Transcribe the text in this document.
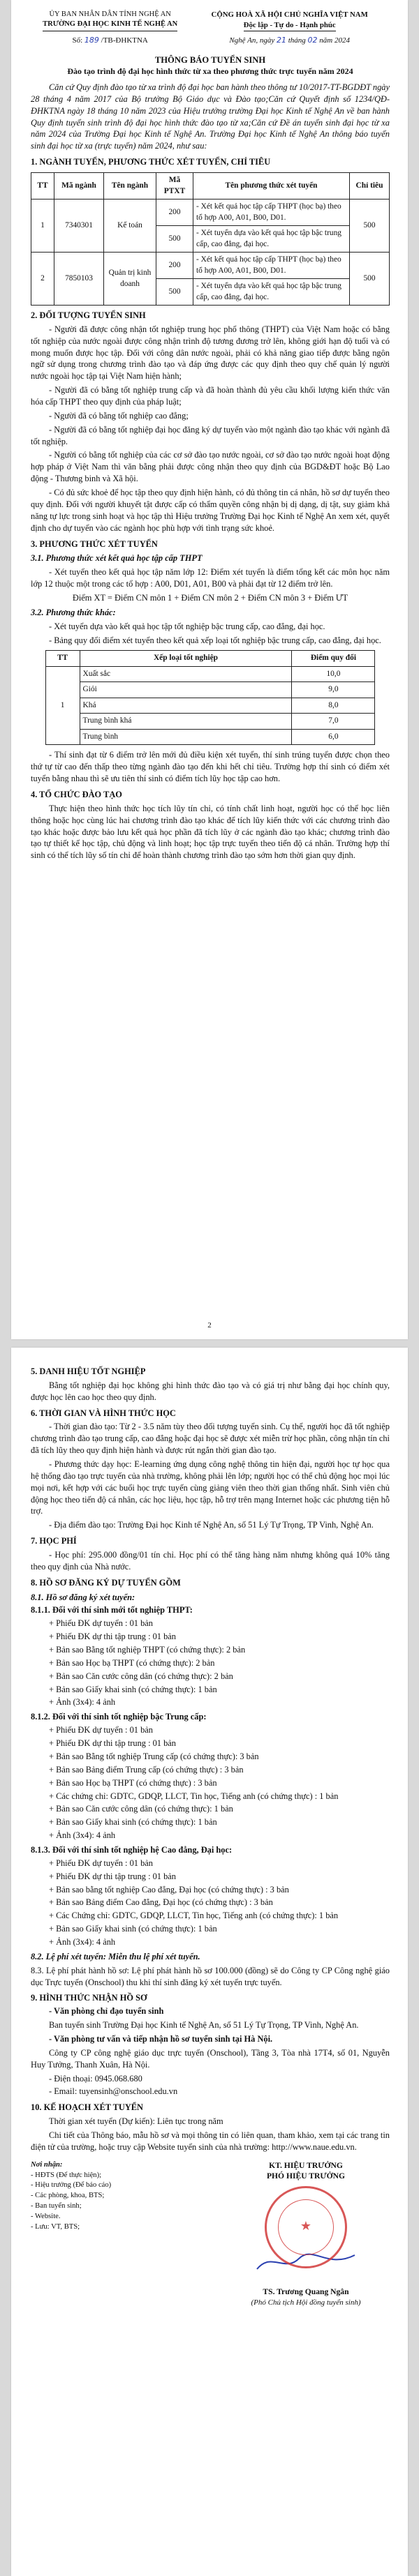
ỦY BAN NHÂN DÂN TỈNH NGHỆ AN
TRƯỜNG ĐẠI HỌC KINH TẾ NGHỆ AN
CỘNG HOÀ XÃ HỘI CHỦ NGHĨA VIỆT NAM
Độc lập - Tự do - Hạnh phúc
Số: 189 /TB-ĐHKTNA	Nghệ An, ngày 21 tháng 02 năm 2024
THÔNG BÁO TUYỂN SINH
Đào tạo trình độ đại học hình thức từ xa theo phương thức trực tuyến năm 2024

Căn cứ Quy định đào tạo từ xa trình độ đại học ban hành theo thông tư 10/2017-TT-BGDĐT ngày 28 tháng 4 năm 2017 của Bộ trưởng Bộ Giáo dục và Đào tạo;Căn cứ Quyết định số 1234/QĐ-ĐHKTNA ngày 18 tháng 10 năm 2023 của Hiệu trưởng trường Đại học Kinh tế Nghệ An về ban hành Quy định tuyển sinh trình độ đại học hình thức đào tạo từ xa;Căn cứ Đề án tuyển sinh đại học từ xa năm 2024 của Trường Đại học Kinh tế Nghệ An. Trường Đại học Kinh tế Nghệ An thông báo tuyển sinh đại học từ xa (trực tuyến) năm 2024, như sau:

1. NGÀNH TUYỂN, PHƯƠNG THỨC XÉT TUYỂN, CHỈ TIÊU
TT	Mã ngành	Tên ngành	Mã PTXT	Tên phương thức xét tuyển	Chỉ tiêu
1	7340301	Kế toán	200	- Xét kết quả học tập cấp THPT (học bạ) theo tổ hợp A00, A01, B00, D01.	500
			500	- Xét tuyển dựa vào kết quả học tập bậc trung cấp, cao đẳng, đại học.	
2	7850103	Quản trị kinh doanh	200	- Xét kết quả học tập cấp THPT (học bạ) theo tổ hợp A00, A01, B00, D01.	500
			500	- Xét tuyển dựa vào kết quả học tập bậc trung cấp, cao đẳng, đại học.	
2. ĐỐI TƯỢNG TUYỂN SINH

- Người đã được công nhận tốt nghiệp trung học phổ thông (THPT) của Việt Nam hoặc có bằng tốt nghiệp của nước ngoài được công nhận trình độ tương đương trở lên, không giới hạn độ tuổi và có mong muốn được học tập. Đối với công dân nước ngoài, phải có khả năng giao tiếp được bằng ngôn ngữ sử dụng trong chương trình đào tạo và đáp ứng được các quy định theo quy chế quản lý người nước ngoài học tập tại Việt Nam hiện hành;

- Người đã có bằng tốt nghiệp trung cấp và đã hoàn thành đủ yêu cầu khối lượng kiến thức văn hóa cấp THPT theo quy định của pháp luật;

- Người đã có bằng tốt nghiệp cao đẳng;

- Người đã có bằng tốt nghiệp đại học đăng ký dự tuyển vào một ngành đào tạo khác với ngành đã tốt nghiệp.

- Người có bằng tốt nghiệp của các cơ sở đào tạo nước ngoài, cơ sở đào tạo nước ngoài hoạt động hợp pháp ở Việt Nam thì văn bằng phải được công nhận theo quy định của BGD&ĐT hoặc Bộ Lao động - Thương binh và Xã hội.

- Có đủ sức khoẻ để học tập theo quy định hiện hành, có đủ thông tin cá nhân, hồ sơ dự tuyển theo quy định. Đối với người khuyết tật được cấp có thẩm quyền công nhận bị dị dạng, dị tật, suy giảm khả năng tự lực trong sinh hoạt và học tập thì Hiệu trưởng Trường Đại học Kinh tế Nghệ An xem xét, quyết định cho dự tuyển vào các ngành học phù hợp với tình trạng sức khoẻ.

3. PHƯƠNG THỨC XÉT TUYỂN
3.1. Phương thức xét kết quả học tập cấp THPT

- Xét tuyển theo kết quả học tập năm lớp 12: Điểm xét tuyển là điểm tổng kết các môn học năm lớp 12 thuộc một trong các tổ hợp : A00, D01, A01, B00 và phải đạt từ 12 điểm trở lên.

Điểm XT = Điểm CN môn 1 + Điểm CN môn 2 + Điểm CN môn 3 + Điểm ƯT

3.2. Phương thức khác:

- Xét tuyển dựa vào kết quả học tập tốt nghiệp bậc trung cấp, cao đẳng, đại học.

- Bảng quy đổi điểm xét tuyển theo kết quả xếp loại tốt nghiệp bậc trung cấp, cao đẳng, đại học.

TT	Xếp loại tốt nghiệp	Điểm quy đổi
1	Xuất sắc	10,0
	Giỏi	9,0
	Khá	8,0
	Trung bình khá	7,0
	Trung bình	6,0

- Thí sinh đạt từ 6 điểm trở lên mới đủ điều kiện xét tuyển, thí sinh trúng tuyển được chọn theo thứ tự từ cao đến thấp theo từng ngành đào tạo đến khi hết chỉ tiêu. Trường hợp thí sinh có điểm xét tuyển bằng nhau thì sẽ ưu tiên thí sinh có điểm tích lũy học tập cao hơn.

4. TỔ CHỨC ĐÀO TẠO

Thực hiện theo hình thức học tích lũy tín chỉ, có tính chất linh hoạt, người học có thể học liên thông hoặc học cùng lúc hai chương trình đào tạo khác để tích lũy kiến thức với các chương trình đào tạo khác hoặc được bảo lưu kết quả học phần đã tích lũy ở các ngành đào tạo khác; chương trình đào tạo tự thiết kế học tập, chủ động và linh hoạt; học tập trực tuyến theo tiến độ cá nhân. Trường hợp thí sinh có thể tích lũy số tín chỉ để hoàn thành chương trình đào tạo sớm hơn thời gian quy định.

2
5. DANH HIỆU TỐT NGHIỆP

Bằng tốt nghiệp đại học không ghi hình thức đào tạo và có giá trị như bằng đại học chính quy, được học lên cao học theo quy định.

6. THỜI GIAN VÀ HÌNH THỨC HỌC

- Thời gian đào tạo: Từ 2 - 3.5 năm tùy theo đối tượng tuyển sinh. Cụ thể, người học đã tốt nghiệp chương trình đào tạo trung cấp, cao đẳng hoặc đại học sẽ được xét miễn trừ học phần, công nhận tín chỉ đã tích lũy theo quy định hiện hành và được rút ngắn thời gian đào tạo.

- Phương thức dạy học: E-learning ứng dụng công nghệ thông tin hiện đại, người học tự học qua hệ thống đào tạo trực tuyến của nhà trường, không phải lên lớp; người học có thể chủ động học mọi lúc mọi nơi, kết hợp với các buổi học trực tuyến cùng giảng viên theo thời gian thống nhất. Sinh viên chủ động học theo tiến độ cá nhân, các học liệu, học tập, hỗ trợ trên mạng Internet hoặc các phương tiện hỗ trợ.

- Địa điểm đào tạo: Trường Đại học Kinh tế Nghệ An, số 51 Lý Tự Trọng, TP Vinh, Nghệ An.

7. HỌC PHÍ

- Học phí: 295.000 đồng/01 tín chỉ. Học phí có thể tăng hàng năm nhưng không quá 10% tăng theo quy định của Nhà nước.

8. HỒ SƠ ĐĂNG KÝ DỰ TUYỂN GỒM
8.1. Hồ sơ đăng ký xét tuyển:
8.1.1. Đối với thí sinh mới tốt nghiệp THPT:
+ Phiếu ĐK dự tuyển : 01 bản
+ Phiếu ĐK dự thi tập trung : 01 bản
+ Bản sao Bằng tốt nghiệp THPT (có chứng thực): 2 bản
+ Bản sao Học bạ THPT (có chứng thực): 2 bản
+ Bản sao Căn cước công dân (có chứng thực): 2 bản
+ Bản sao Giấy khai sinh (có chứng thực): 1 bản
+ Ảnh (3x4): 4 ảnh
8.1.2. Đối với thí sinh tốt nghiệp bậc Trung cấp:
+ Phiếu ĐK dự tuyển : 01 bản
+ Phiếu ĐK dự thi tập trung : 01 bản
+ Bản sao Bằng tốt nghiệp Trung cấp (có chứng thực): 3 bản
+ Bản sao Bảng điểm Trung cấp (có chứng thực) : 3 bản
+ Bản sao Học bạ THPT (có chứng thực) : 3 bản
+ Các chứng chỉ: GDTC, GDQP, LLCT, Tin học, Tiếng anh (có chứng thực) : 1 bản
+ Bản sao Căn cước công dân (có chứng thực): 1 bản
+ Bản sao Giấy khai sinh (có chứng thực): 1 bản
+ Ảnh (3x4): 4 ảnh
8.1.3. Đối với thí sinh tốt nghiệp hệ Cao đẳng, Đại học:
+ Phiếu ĐK dự tuyển : 01 bản
+ Phiếu ĐK dự thi tập trung : 01 bản
+ Bản sao bằng tốt nghiệp Cao đẳng, Đại học (có chứng thực) : 3 bản
+ Bản sao Bảng điểm Cao đẳng, Đại học (có chứng thực) : 3 bản
+ Các Chứng chỉ: GDTC, GDQP, LLCT, Tin học, Tiếng anh (có chứng thực): 1 bản
+ Bản sao Giấy khai sinh (có chứng thực): 1 bản
+ Ảnh (3x4): 4 ảnh

8.2. Lệ phí xét tuyển: Miễn thu lệ phí xét tuyển.

8.3. Lệ phí phát hành hồ sơ: Lệ phí phát hành hồ sơ 100.000 (đồng) sẽ do Công ty CP Công nghệ giáo dục Trực tuyến (Onschool) thu khi thí sinh đăng ký xét tuyển trực tuyến.

9. HÌNH THỨC NHẬN HỒ SƠ
- Văn phòng chỉ đạo tuyển sinh

Ban tuyển sinh Trường Đại học Kinh tế Nghệ An, số 51 Lý Tự Trọng, TP Vinh, Nghệ An.

- Văn phòng tư vấn và tiếp nhận hồ sơ tuyển sinh tại Hà Nội.

Công ty CP công nghệ giáo dục trực tuyến (Onschool), Tầng 3, Tòa nhà 17T4, số 01, Nguyễn Huy Tưởng, Thanh Xuân, Hà Nội.

- Điện thoại: 0945.068.680
- Email: tuyensinh@onschool.edu.vn
10. KẾ HOẠCH XÉT TUYỂN

Thời gian xét tuyển (Dự kiến): Liên tục trong năm

Chi tiết của Thông báo, mẫu hồ sơ và mọi thông tin có liên quan, tham khảo, xem tại các trang tin điện tử của trường, hoặc truy cập Website tuyển sinh của nhà trường: http://www.naue.edu.vn.

Nơi nhận:
- HĐTS (Để thực hiện);
- Hiệu trưởng (Để báo cáo)
- Các phòng, khoa, BTS;
- Ban tuyển sinh;
- Website.
- Lưu: VT, BTS;
KT. HIỆU TRƯỞNG
PHÓ HIỆU TRƯỞNG
★
TS. Trương Quang Ngân
(Phó Chủ tịch Hội đồng tuyển sinh)
